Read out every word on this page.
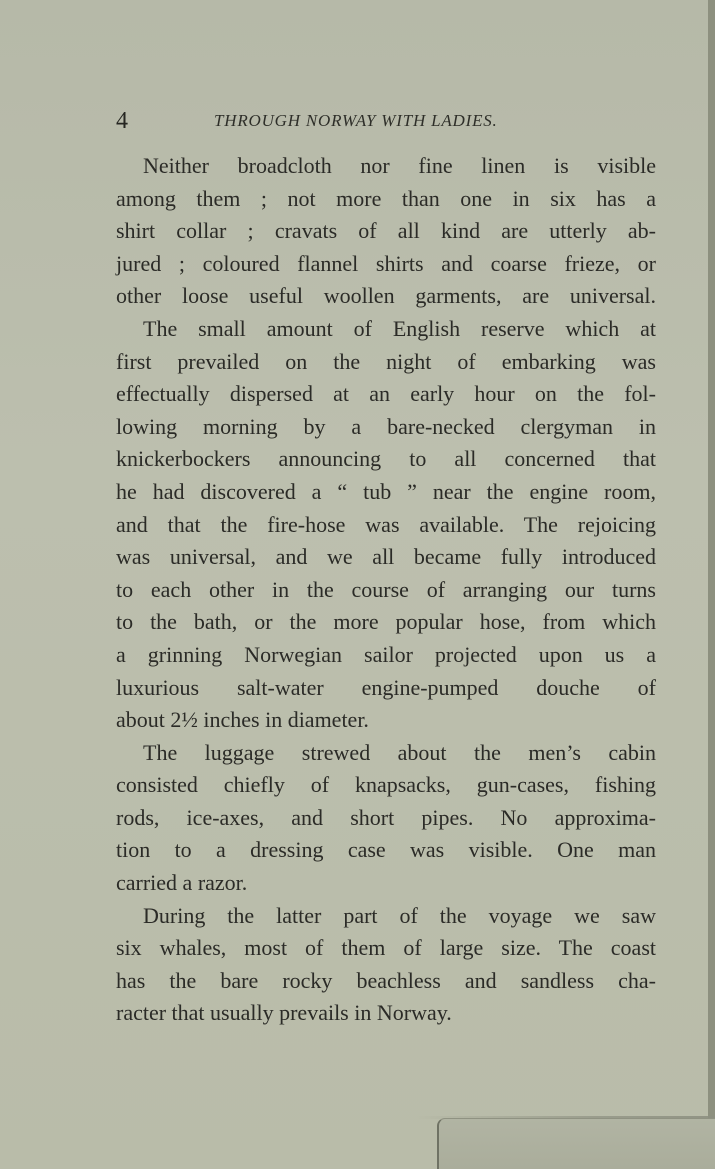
4	THROUGH NORWAY WITH LADIES.

Neither broadcloth nor fine linen is visible
among them ; not more than one in six has a
shirt collar ; cravats of all kind are utterly ab-
jured ; coloured flannel shirts and coarse frieze, or
other loose useful woollen garments, are universal.

The small amount of English reserve which at
first prevailed on the night of embarking was
effectually dispersed at an early hour on the fol-
lowing morning by a bare-necked clergyman in
knickerbockers announcing to all concerned that
he had discovered a “ tub ” near the engine room,
and that the fire-hose was available. The rejoicing
was universal, and we all became fully introduced
to each other in the course of arranging our turns
to the bath, or the more popular hose, from which
a grinning Norwegian sailor projected upon us a
luxurious salt-water engine-pumped douche of
about 2½ inches in diameter.

The luggage strewed about the men’s cabin
consisted chiefly of knapsacks, gun-cases, fishing
rods, ice-axes, and short pipes. No approxima-
tion to a dressing case was visible. One man
carried a razor.

During the latter part of the voyage we saw
six whales, most of them of large size. The coast
has the bare rocky beachless and sandless cha-
racter that usually prevails in Norway.
